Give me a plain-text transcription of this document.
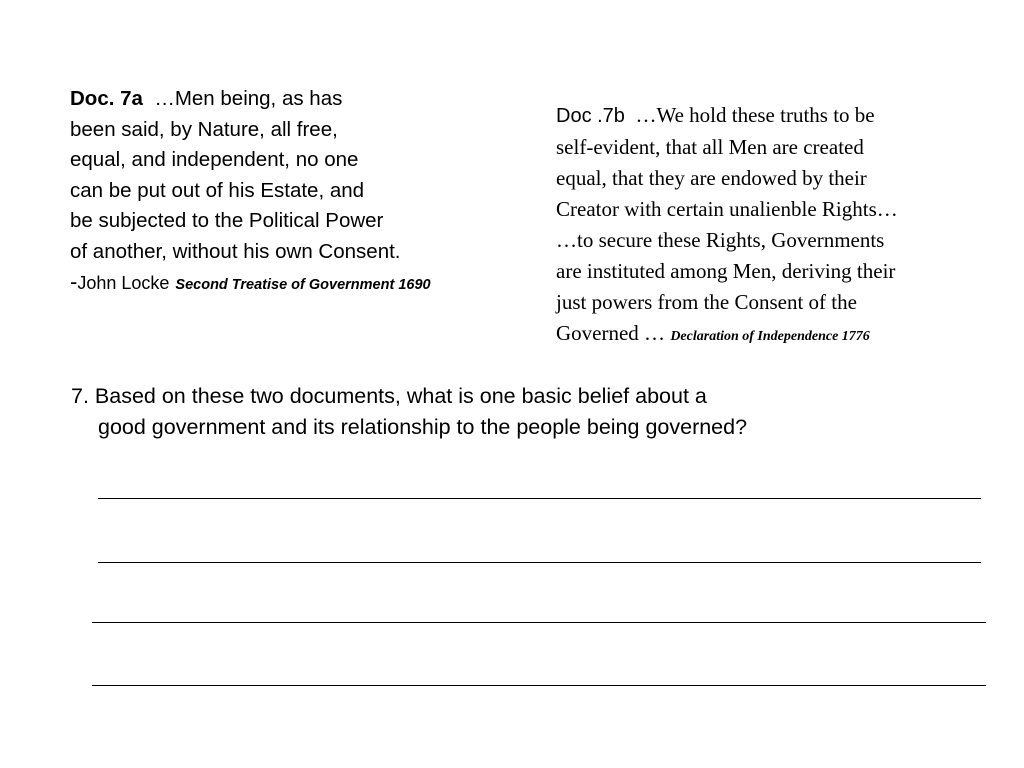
Doc. 7a …Men being, as has
been said, by Nature, all free,
equal, and independent, no one
can be put out of his Estate, and
be subjected to the Political Power
of another, without his own Consent.
-John Locke Second Treatise of Government 1690
Doc .7b …We hold these truths to be
self-evident, that all Men are created
equal, that they are endowed by their
Creator with certain unalienble Rights…
…to secure these Rights, Governments
are instituted among Men, deriving their
just powers from the Consent of the
Governed … Declaration of Independence 1776
7. Based on these two documents, what is one basic belief about a
good government and its relationship to the people being governed?
